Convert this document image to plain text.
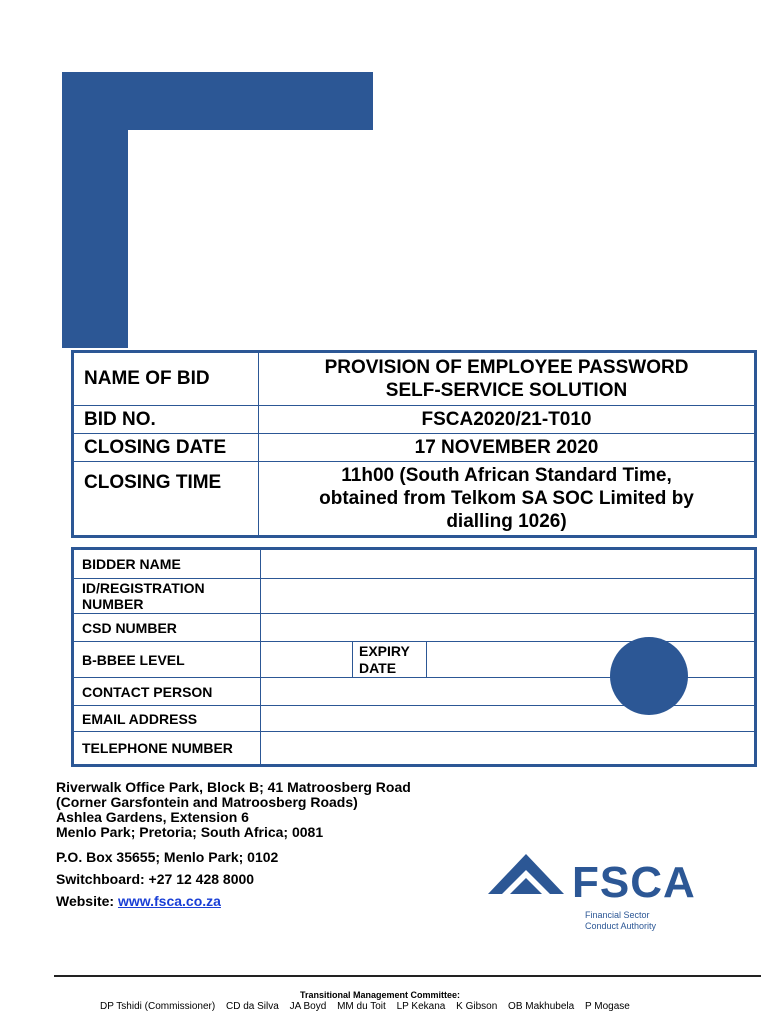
NAME OF BID	PROVISION OF EMPLOYEE PASSWORD
SELF-SERVICE SOLUTION

BID NO.	FSCA2020/21-T010
CLOSING DATE	17 NOVEMBER 2020
CLOSING TIME	11h00 (South African Standard Time,
obtained from Telkom SA SOC Limited by
dialling 1026)
BIDDER NAME			

ID/REGISTRATION
NUMBER			

CSD NUMBER			
B-BBEE LEVEL		EXPIRY
DATE	

CONTACT PERSON			
EMAIL ADDRESS			
TELEPHONE NUMBER			
Riverwalk Office Park, Block B; 41 Matroosberg Road
(Corner Garsfontein and Matroosberg Roads)
Ashlea Gardens, Extension 6
Menlo Park; Pretoria; South Africa; 0081
P.O. Box 35655; Menlo Park; 0102
Switchboard: +27 12 428 8000
Website: www.fsca.co.za	FSCA
Financial Sector
Conduct Authority
Transitional Management Committee:
DP Tshidi (Commissioner) CD da Silva JA Boyd MM du Toit LP Kekana K Gibson OB Makhubela P Mogase
